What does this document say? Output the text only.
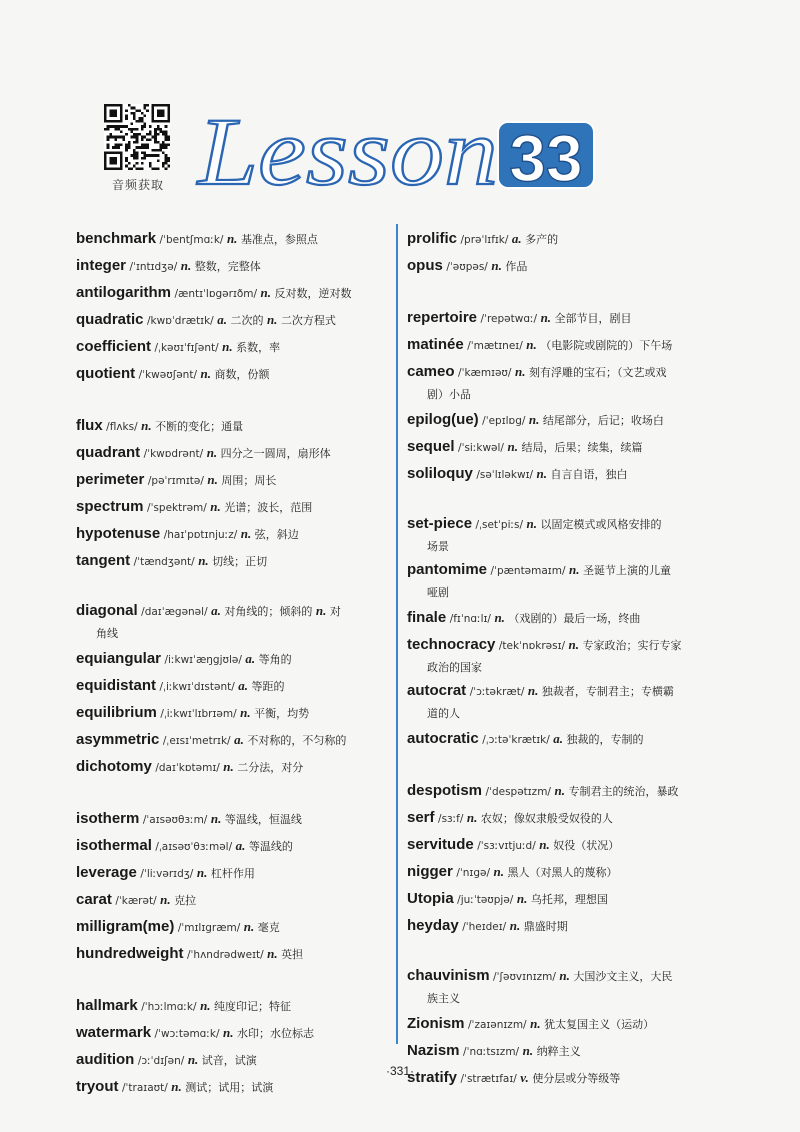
音频获取 Lesson 33

benchmark /ˈbentʃmɑːk/ n. 基准点，参照点

integer /ˈɪntɪdʒə/ n. 整数，完整体

antilogarithm /æntɪˈlɒgərɪðm/ n. 反对数，逆对数

quadratic /kwɒˈdrætɪk/ a. 二次的 n. 二次方程式

coefficient /ˌkəʊɪˈfɪʃənt/ n. 系数，率

quotient /ˈkwəʊʃənt/ n. 商数，份额

flux /flʌks/ n. 不断的变化；通量

quadrant /ˈkwɒdrənt/ n. 四分之一圆周，扇形体

perimeter /pəˈrɪmɪtə/ n. 周围；周长

spectrum /ˈspektrəm/ n. 光谱；波长，范围

hypotenuse /haɪˈpɒtɪnjuːz/ n. 弦，斜边

tangent /ˈtændʒənt/ n. 切线；正切

diagonal /daɪˈægənəl/ a. 对角线的；倾斜的 n. 对
角线

equiangular /iːkwɪˈæŋgjʊlə/ a. 等角的

equidistant /ˌiːkwɪˈdɪstənt/ a. 等距的

equilibrium /ˌiːkwɪˈlɪbrɪəm/ n. 平衡，均势

asymmetric /ˌeɪsɪˈmetrɪk/ a. 不对称的，不匀称的

dichotomy /daɪˈkɒtəmɪ/ n. 二分法，对分

isotherm /ˈaɪsəʊθɜːm/ n. 等温线，恒温线

isothermal /ˌaɪsəʊˈθɜːməl/ a. 等温线的

leverage /ˈliːvərɪdʒ/ n. 杠杆作用

carat /ˈkærət/ n. 克拉

milligram(me) /ˈmɪlɪgræm/ n. 毫克

hundredweight /ˈhʌndrədweɪt/ n. 英担

hallmark /ˈhɔːlmɑːk/ n. 纯度印记；特征

watermark /ˈwɔːtəmɑːk/ n. 水印；水位标志

audition /ɔːˈdɪʃən/ n. 试音，试演

tryout /ˈtraɪaʊt/ n. 测试；试用；试演

prolific /prəˈlɪfɪk/ a. 多产的

opus /ˈəʊpəs/ n. 作品

repertoire /ˈrepətwɑː/ n. 全部节目，剧目

matinée /ˈmætɪneɪ/ n. （电影院或剧院的）下午场

cameo /ˈkæmɪəʊ/ n. 刻有浮雕的宝石；（文艺或戏
剧）小品

epilog(ue) /ˈepɪlɒg/ n. 结尾部分，后记；收场白

sequel /ˈsiːkwəl/ n. 结局，后果；续集，续篇

soliloquy /səˈlɪləkwɪ/ n. 自言自语，独白

set-piece /ˌsetˈpiːs/ n. 以固定模式或风格安排的
场景

pantomime /ˈpæntəmaɪm/ n. 圣诞节上演的儿童
哑剧

finale /fɪˈnɑːlɪ/ n. （戏剧的）最后一场，终曲

technocracy /tekˈnɒkrəsɪ/ n. 专家政治；实行专家
政治的国家

autocrat /ˈɔːtəkræt/ n. 独裁者，专制君主；专横霸
道的人

autocratic /ˌɔːtəˈkrætɪk/ a. 独裁的，专制的

despotism /ˈdespətɪzm/ n. 专制君主的统治，暴政

serf /sɜːf/ n. 农奴；像奴隶般受奴役的人

servitude /ˈsɜːvɪtjuːd/ n. 奴役（状况）

nigger /ˈnɪgə/ n. 黑人（对黑人的蔑称）

Utopia /juːˈtəʊpjə/ n. 乌托邦，理想国

heyday /ˈheɪdeɪ/ n. 鼎盛时期

chauvinism /ˈʃəʊvɪnɪzm/ n. 大国沙文主义，大民
族主义

Zionism /ˈzaɪənɪzm/ n. 犹太复国主义（运动）

Nazism /ˈnɑːtsɪzm/ n. 纳粹主义

stratify /ˈstrætɪfaɪ/ v. 使分层或分等级等

·331·
